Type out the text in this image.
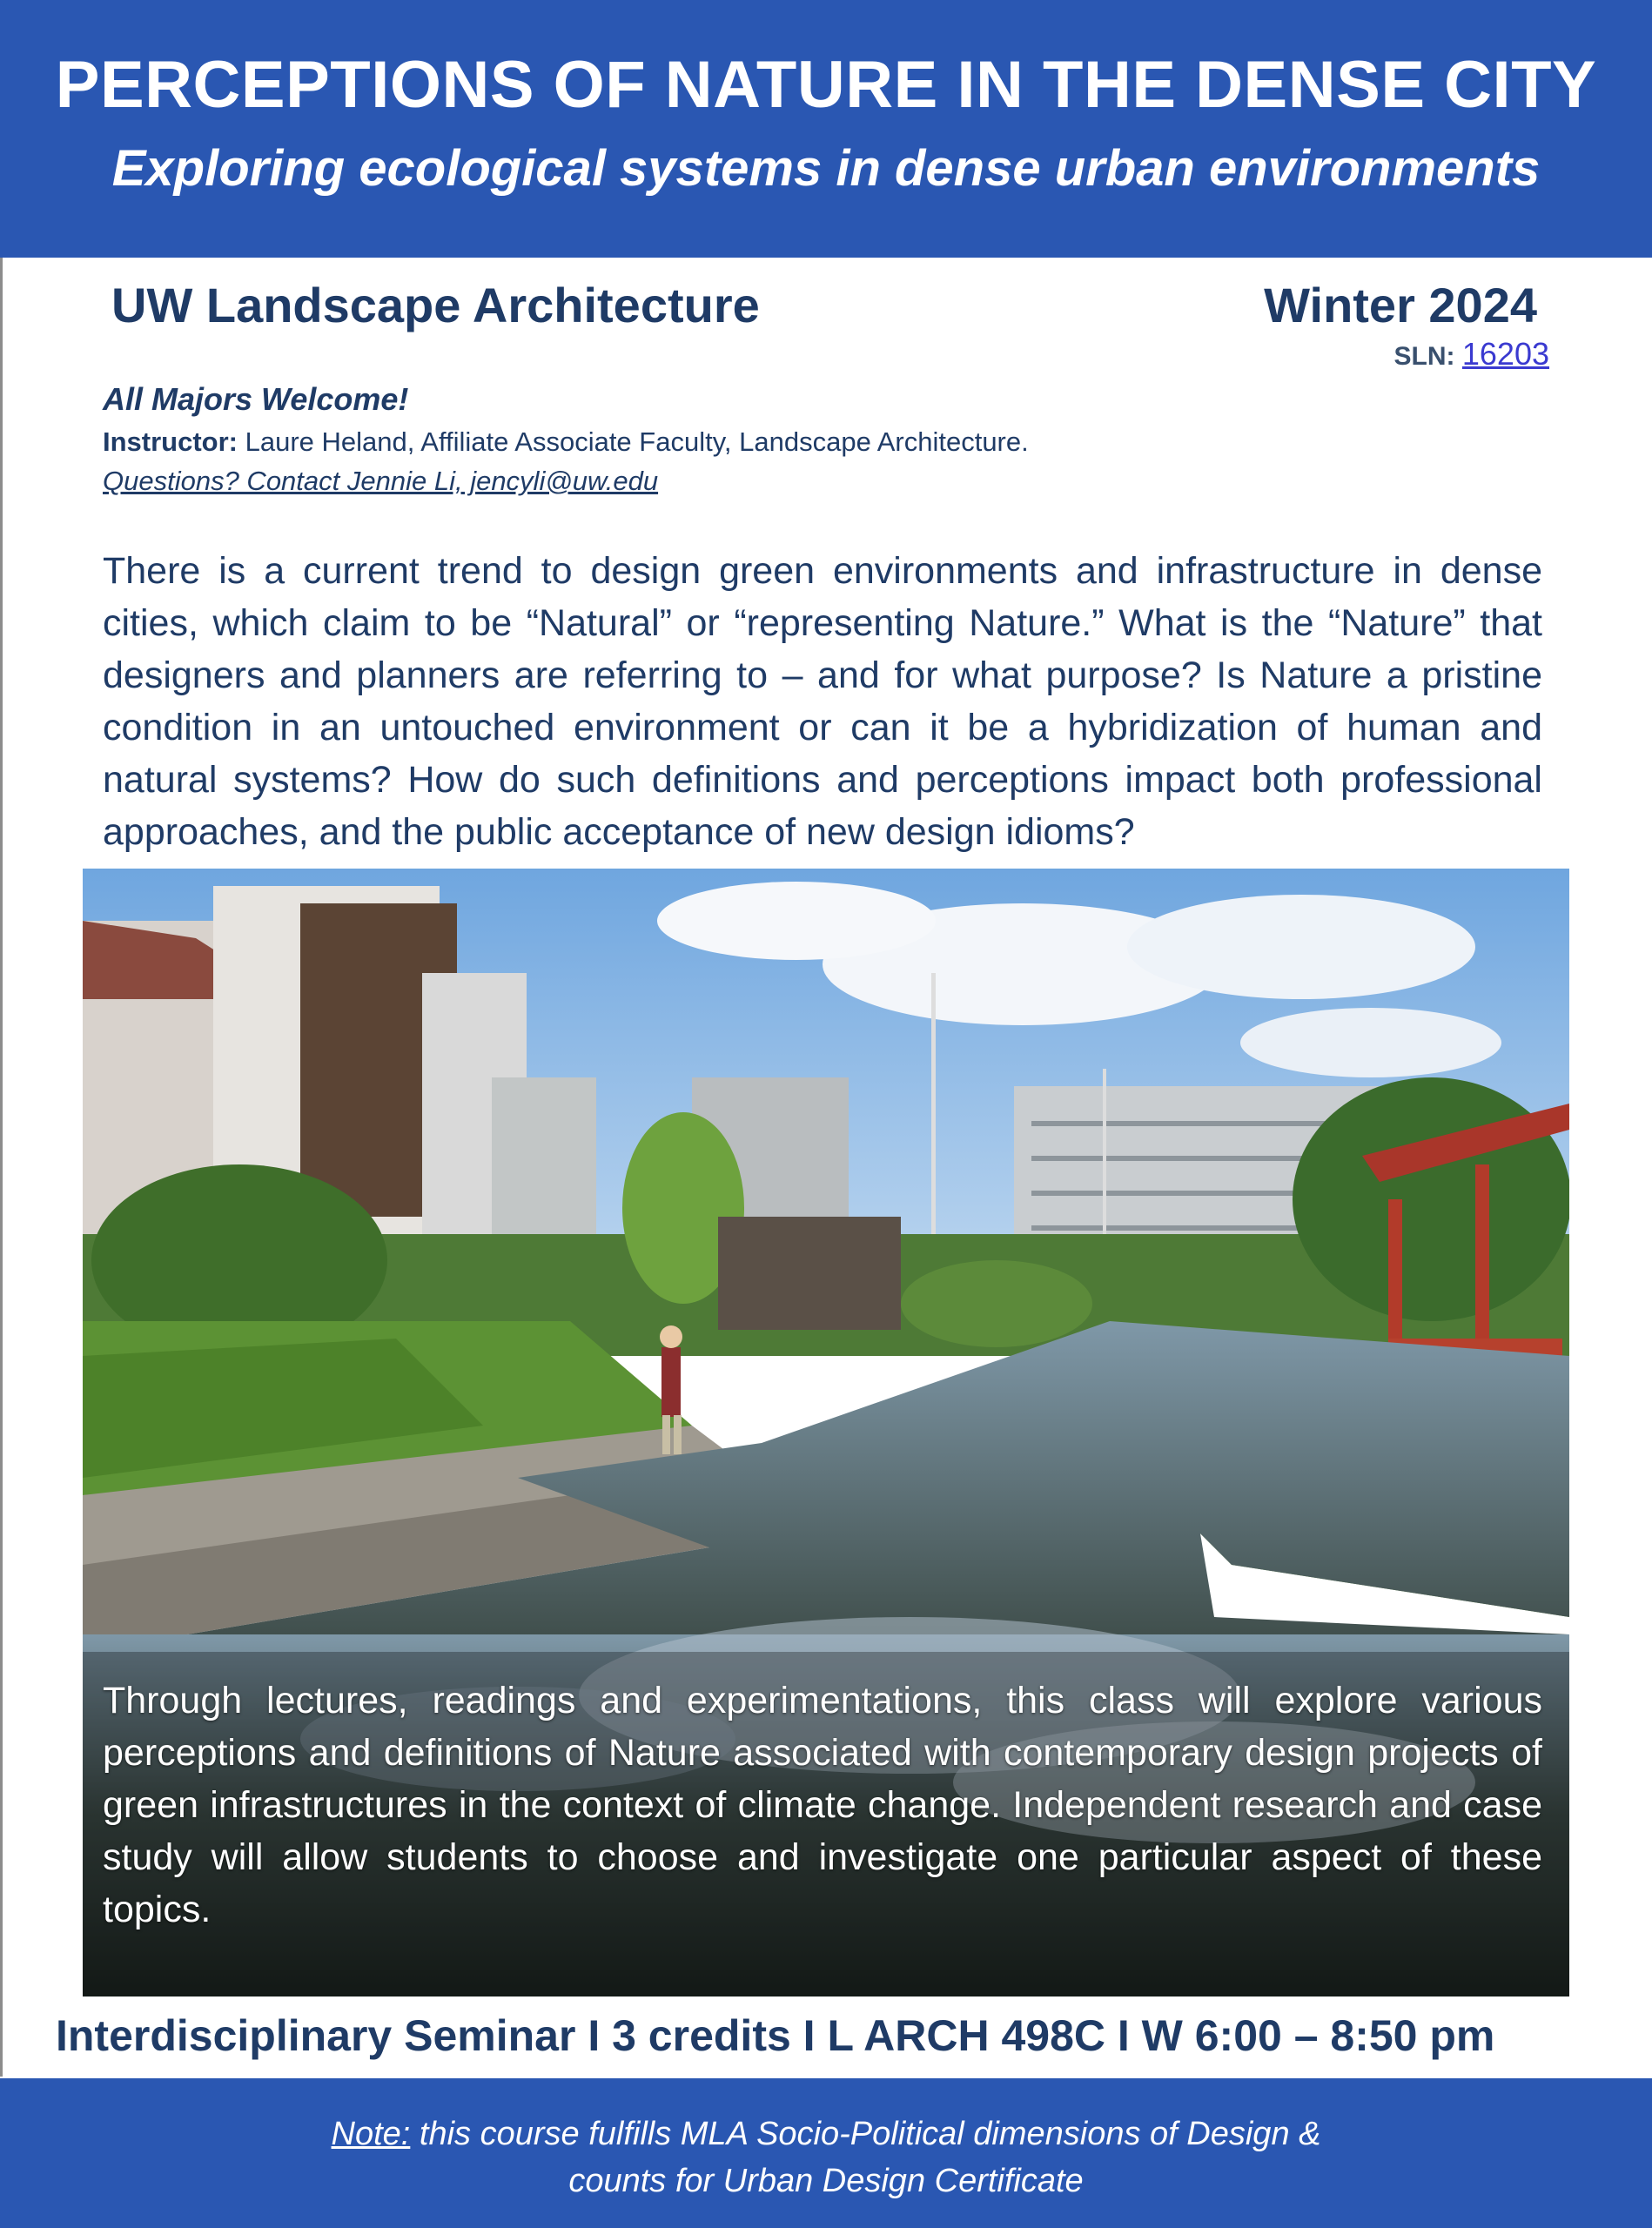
PERCEPTIONS OF NATURE IN THE DENSE CITY
Exploring ecological systems in dense urban environments
UW Landscape Architecture	Winter 2024
SLN: 16203
All Majors Welcome!
Instructor: Laure Heland, Affiliate Associate Faculty, Landscape Architecture.
Questions? Contact Jennie Li, jencyli@uw.edu
There is a current trend to design green environments and infrastructure in dense cities, which claim to be “Natural” or “representing Nature.” What is the “Nature” that designers and planners are referring to – and for what purpose? Is Nature a pristine condition in an untouched environment or can it be a hybridization of human and natural systems? How do such definitions and perceptions impact both professional approaches, and the public acceptance of new design idioms?
Through lectures, readings and experimentations, this class will explore various perceptions and definitions of Nature associated with contemporary design projects of green infrastructures in the context of climate change. Independent research and case study will allow students to choose and investigate one particular aspect of these topics.
Interdisciplinary Seminar I 3 credits I L ARCH 498C I W 6:00 – 8:50 pm
Note: this course fulfills MLA Socio-Political dimensions of Design &
counts for Urban Design Certificate
